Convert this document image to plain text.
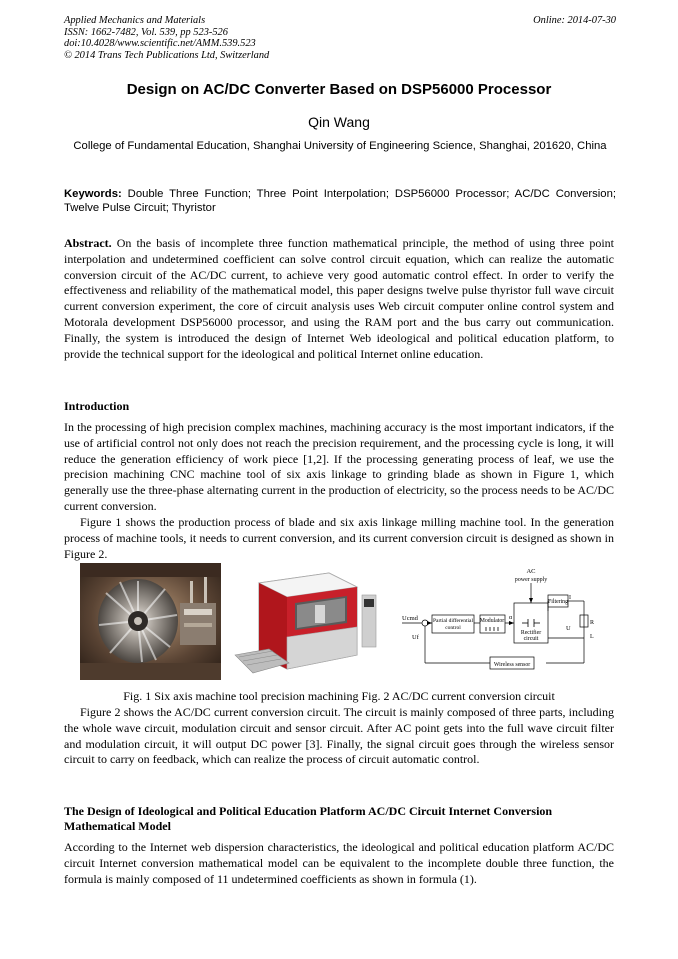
Applied Mechanics and Materials
ISSN: 1662-7482, Vol. 539, pp 523-526
doi:10.4028/www.scientific.net/AMM.539.523
© 2014 Trans Tech Publications Ltd, Switzerland
Online: 2014-07-30
Design on AC/DC Converter Based on DSP56000 Processor
Qin Wang
College of Fundamental Education, Shanghai University of Engineering Science, Shanghai, 201620, China
Keywords: Double Three Function; Three Point Interpolation; DSP56000 Processor; AC/DC Conversion; Twelve Pulse Circuit; Thyristor
Abstract. On the basis of incomplete three function mathematical principle, the method of using three point interpolation and undetermined coefficient can solve control circuit equation, which can realize the automatic conversion circuit of the AC/DC current, to achieve very good automatic control effect. In order to verify the effectiveness and reliability of the mathematical model, this paper designs twelve pulse thyristor full wave circuit current conversion experiment, the core of circuit analysis uses Web circuit computer online control system and Motorala development DSP56000 processor, and using the RAM port and the bus carry out communication. Finally, the system is introduced the design of Internet Web ideological and political education platform, to provide the technical support for the ideological and political Internet online education.
Introduction
In the processing of high precision complex machines, machining accuracy is the most important indicators, if the use of artificial control not only does not reach the precision requirement, and the processing cycle is long, it will reduce the generation efficiency of work piece [1,2]. If the processing generating process of leaf, we use the precision machining CNC machine tool of six axis linkage to grinding blade as shown in Figure 1, which generally use the three-phase alternating current in the production of electricity, so the process needs to be AC/DC current conversion.
Figure 1 shows the production process of blade and six axis linkage milling machine tool. In the generation process of machine tools, it needs to current conversion, and its current conversion circuit is designed as shown in Figure 2.
AC
power supply
Ucmd
Uf
Partial differential
control
Modulator α
Rectifier
circuit
Filtering
I
U
R
L
Wireless sensor
Fig. 1 Six axis machine tool precision machining Fig. 2 AC/DC current conversion circuit
Figure 2 shows the AC/DC current conversion circuit. The circuit is mainly composed of three parts, including the whole wave circuit, modulation circuit and sensor circuit. After AC point gets into the full wave circuit filter and modulation circuit, it will output DC power [3]. Finally, the signal circuit goes through the wireless sensor circuit to carry on feedback, which can realize the process of circuit automatic control.
The Design of Ideological and Political Education Platform AC/DC Circuit Internet Conversion Mathematical Model
According to the Internet web dispersion characteristics, the ideological and political education platform AC/DC circuit Internet conversion mathematical model can be equivalent to the incomplete double three function, the formula is mainly composed of 11 undetermined coefficients as shown in formula (1).
